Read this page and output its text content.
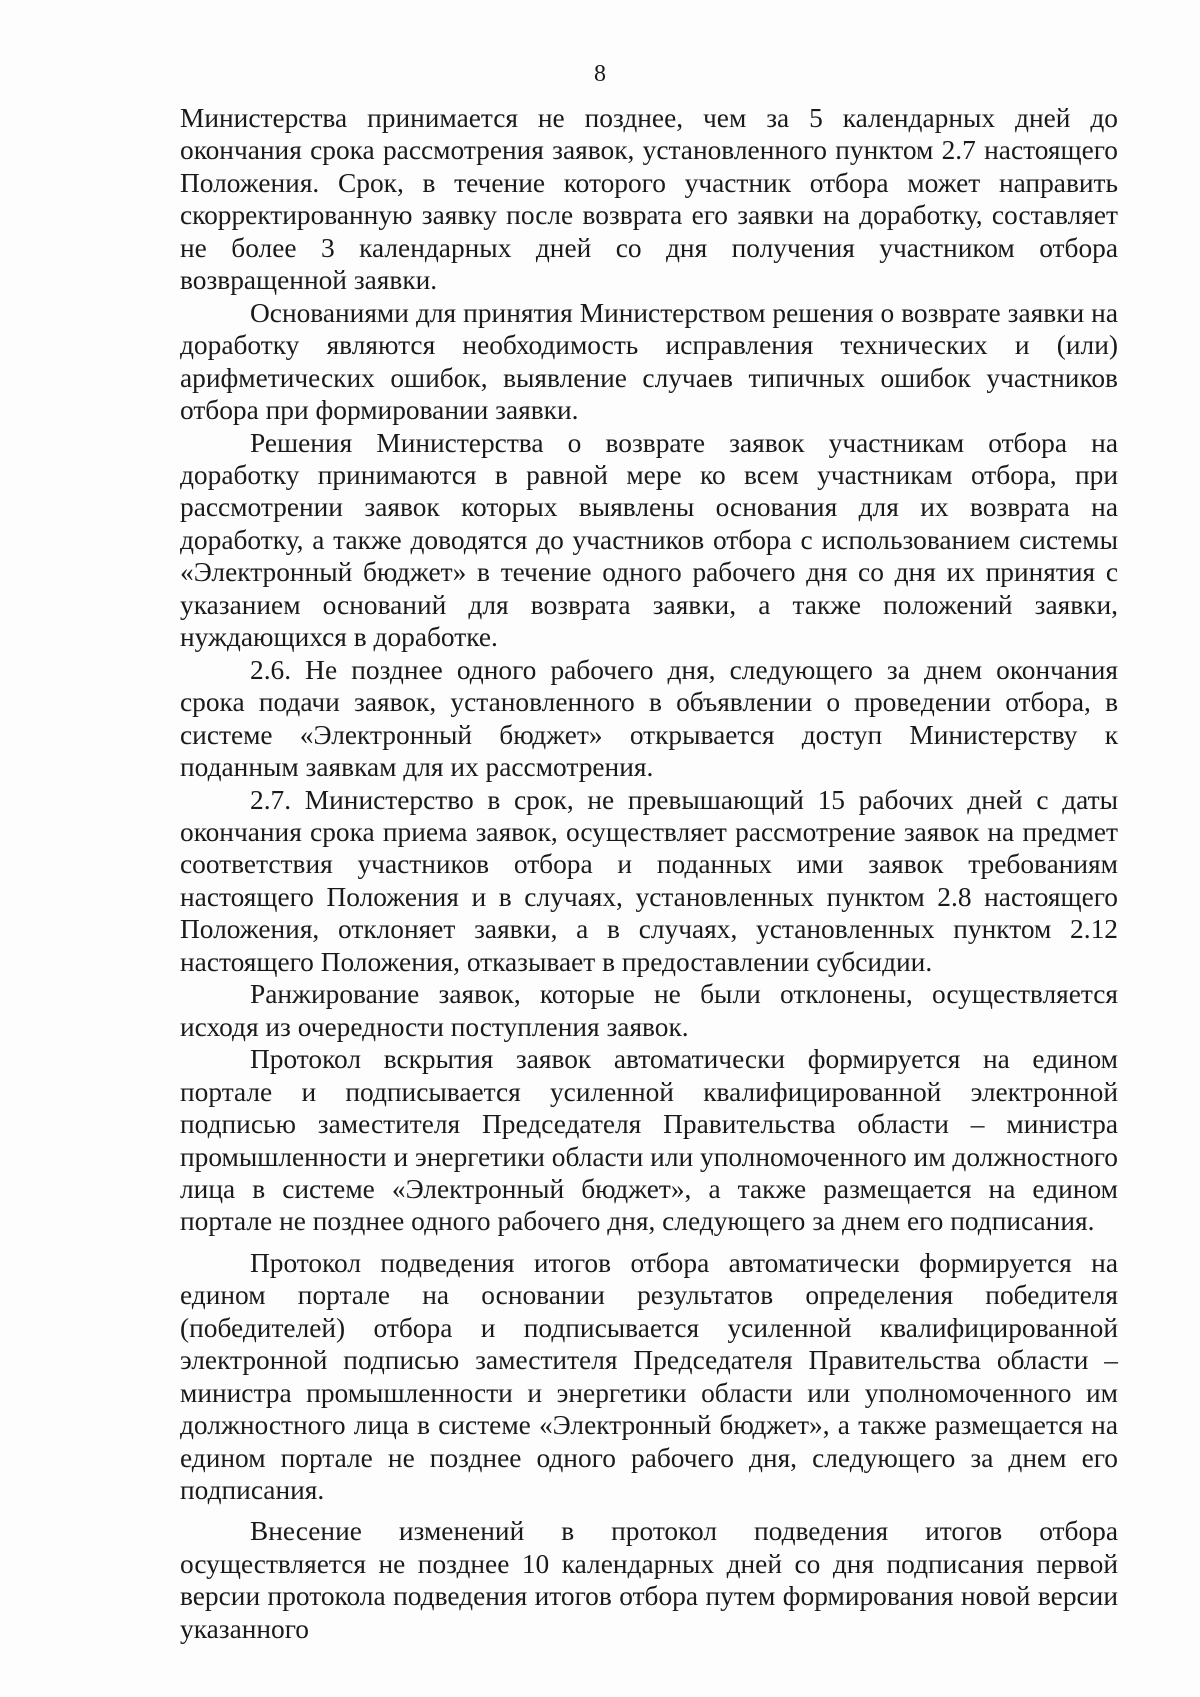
8

Министерства принимается не позднее, чем за 5 календарных дней до окончания срока рассмотрения заявок, установленного пунктом 2.7 настоящего Положения. Срок, в течение которого участник отбора может направить скорректированную заявку после возврата его заявки на доработку, составляет не более 3 календарных дней со дня получения участником отбора возвращенной заявки.

Основаниями для принятия Министерством решения о возврате заявки на доработку являются необходимость исправления технических и (или) арифметических ошибок, выявление случаев типичных ошибок участников отбора при формировании заявки.

Решения Министерства о возврате заявок участникам отбора на доработку принимаются в равной мере ко всем участникам отбора, при рассмотрении заявок которых выявлены основания для их возврата на доработку, а также доводятся до участников отбора с использованием системы «Электронный бюджет» в течение одного рабочего дня со дня их принятия с указанием оснований для возврата заявки, а также положений заявки, нуждающихся в доработке.

2.6. Не позднее одного рабочего дня, следующего за днем окончания срока подачи заявок, установленного в объявлении о проведении отбора, в системе «Электронный бюджет» открывается доступ Министерству к поданным заявкам для их рассмотрения.

2.7. Министерство в срок, не превышающий 15 рабочих дней с даты окончания срока приема заявок, осуществляет рассмотрение заявок на предмет соответствия участников отбора и поданных ими заявок требованиям настоящего Положения и в случаях, установленных пунктом 2.8 настоящего Положения, отклоняет заявки, а в случаях, установленных пунктом 2.12 настоящего Положения, отказывает в предоставлении субсидии.

Ранжирование заявок, которые не были отклонены, осуществляется исходя из очередности поступления заявок.

Протокол вскрытия заявок автоматически формируется на едином портале и подписывается усиленной квалифицированной электронной подписью заместителя Председателя Правительства области – министра промышленности и энергетики области или уполномоченного им должностного лица в системе «Электронный бюджет», а также размещается на едином портале не позднее одного рабочего дня, следующего за днем его подписания.

Протокол подведения итогов отбора автоматически формируется на едином портале на основании результатов определения победителя (победителей) отбора и подписывается усиленной квалифицированной электронной подписью заместителя Председателя Правительства области – министра промышленности и энергетики области или уполномоченного им должностного лица в системе «Электронный бюджет», а также размещается на едином портале не позднее одного рабочего дня, следующего за днем его подписания.

Внесение изменений в протокол подведения итогов отбора осуществляется не позднее 10 календарных дней со дня подписания первой версии протокола подведения итогов отбора путем формирования новой версии указанного
